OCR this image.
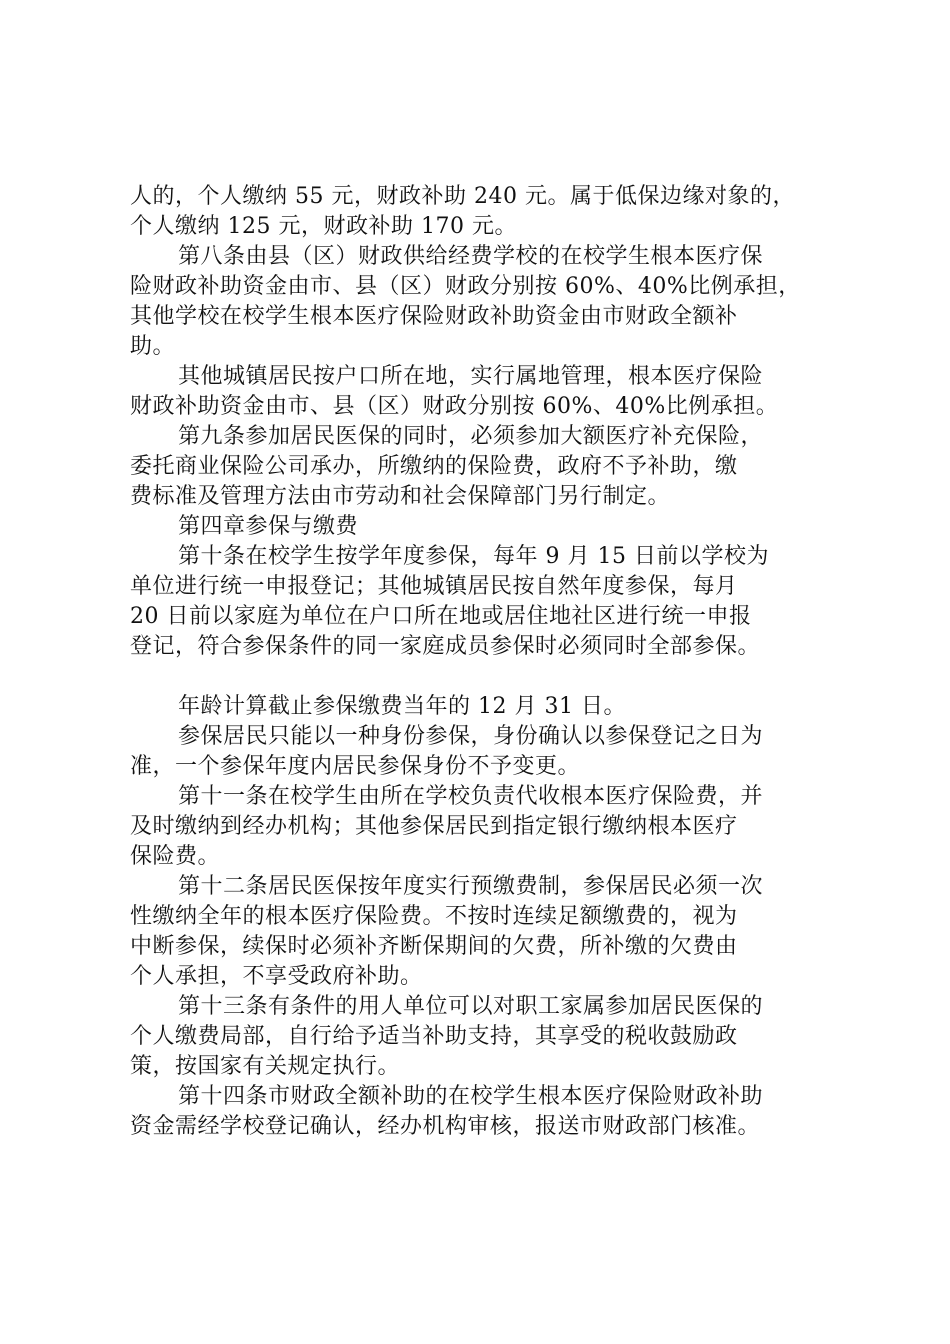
人的，个人缴纳 55 元，财政补助 240 元。属于低保边缘对象的，
个人缴纳 125 元，财政补助 170 元。
第八条由县（区）财政供给经费学校的在校学生根本医疗保
险财政补助资金由市、县（区）财政分别按 60%、40%比例承担，
其他学校在校学生根本医疗保险财政补助资金由市财政全额补
助。
其他城镇居民按户口所在地，实行属地管理，根本医疗保险
财政补助资金由市、县（区）财政分别按 60%、40%比例承担。
第九条参加居民医保的同时，必须参加大额医疗补充保险，
委托商业保险公司承办，所缴纳的保险费，政府不予补助，缴
费标准及管理方法由市劳动和社会保障部门另行制定。
第四章参保与缴费
第十条在校学生按学年度参保，每年 9 月 15 日前以学校为
单位进行统一申报登记；其他城镇居民按自然年度参保，每月
20 日前以家庭为单位在户口所在地或居住地社区进行统一申报
登记，符合参保条件的同一家庭成员参保时必须同时全部参保。
年龄计算截止参保缴费当年的 12 月 31 日。
参保居民只能以一种身份参保，身份确认以参保登记之日为
准，一个参保年度内居民参保身份不予变更。
第十一条在校学生由所在学校负责代收根本医疗保险费，并
及时缴纳到经办机构；其他参保居民到指定银行缴纳根本医疗
保险费。
第十二条居民医保按年度实行预缴费制，参保居民必须一次
性缴纳全年的根本医疗保险费。不按时连续足额缴费的，视为
中断参保，续保时必须补齐断保期间的欠费，所补缴的欠费由
个人承担，不享受政府补助。
第十三条有条件的用人单位可以对职工家属参加居民医保的
个人缴费局部，自行给予适当补助支持，其享受的税收鼓励政
策，按国家有关规定执行。
第十四条市财政全额补助的在校学生根本医疗保险财政补助
资金需经学校登记确认，经办机构审核，报送市财政部门核准。
